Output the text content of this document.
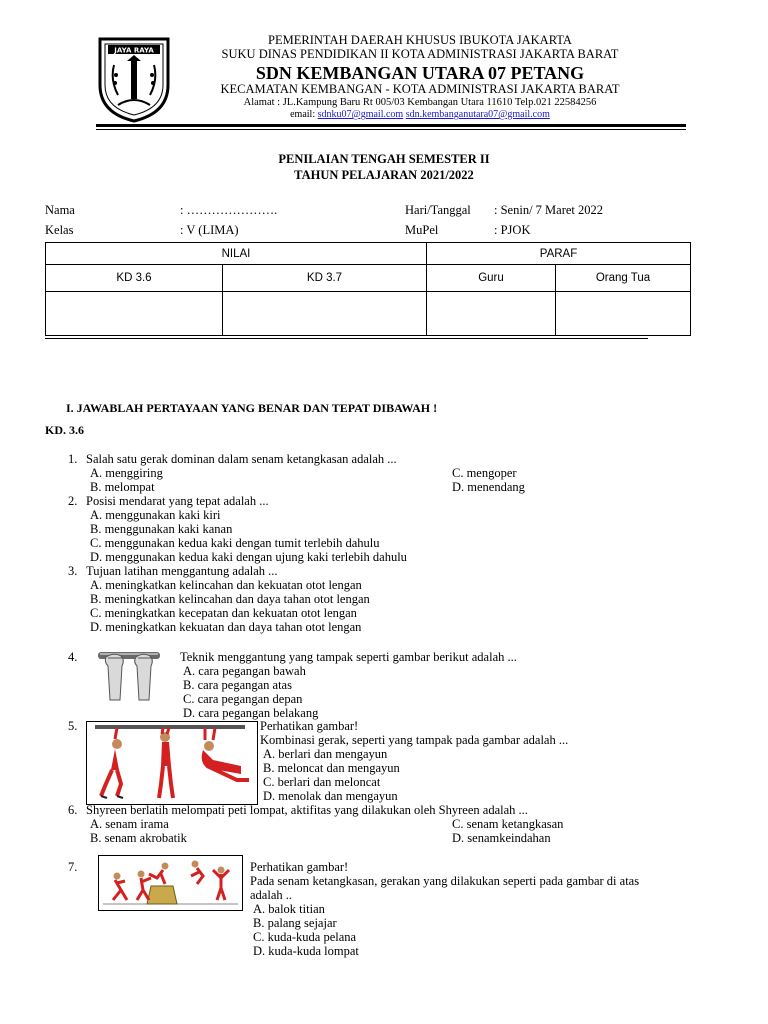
JAYA RAYA
PEMERINTAH DAERAH KHUSUS IBUKOTA JAKARTA
SUKU DINAS PENDIDIKAN II KOTA ADMINISTRASI JAKARTA BARAT
SDN KEMBANGAN UTARA 07 PETANG
KECAMATAN KEMBANGAN - KOTA ADMINISTRASI JAKARTA BARAT
Alamat : JL.Kampung Baru Rt 005/03 Kembangan Utara 11610 Telp.021 22584256
email: sdnku07@gmail.com sdn.kembanganutara07@gmail.com
PENILAIAN TENGAH SEMESTER II
TAHUN PELAJARAN 2021/2022
Nama	: ………………….	Hari/Tanggal : Senin/ 7 Maret 2022
Kelas	: V (LIMA)	MuPel	: PJOK
NILAI		PARAF	
KD 3.6	KD 3.7	Guru	Orang Tua

I. JAWABLAH PERTAYAAN YANG BENAR DAN TEPAT DIBAWAH !
KD. 3.6
1. Salah satu gerak dominan dalam senam ketangkasan adalah ...
A. menggiring
B. melompat
C. mengoper
D. menendang
2. Posisi mendarat yang tepat adalah ...
A. menggunakan kaki kiri
B. menggunakan kaki kanan
C. menggunakan kedua kaki dengan tumit terlebih dahulu
D. menggunakan kedua kaki dengan ujung kaki terlebih dahulu
3. Tujuan latihan menggantung adalah ...
A. meningkatkan kelincahan dan kekuatan otot lengan
B. meningkatkan kelincahan dan daya tahan otot lengan
C. meningkatkan kecepatan dan kekuatan otot lengan
D. meningkatkan kekuatan dan daya tahan otot lengan
4.	Teknik menggantung yang tampak seperti gambar berikut adalah ...
A. cara pegangan bawah
B. cara pegangan atas
C. cara pegangan depan
D. cara pegangan belakang
5.	Perhatikan gambar!
Kombinasi gerak, seperti yang tampak pada gambar adalah ...
A. berlari dan mengayun
B. meloncat dan mengayun
C. berlari dan meloncat
D. menolak dan mengayun
6. Shyreen berlatih melompati peti lompat, aktifitas yang dilakukan oleh Shyreen adalah ...
A. senam irama
B. senam akrobatik
C. senam ketangkasan
D. senamkeindahan
7.	Perhatikan gambar!
Pada senam ketangkasan, gerakan yang dilakukan seperti pada gambar di atas
adalah ..
A. balok titian
B. palang sejajar
C. kuda-kuda pelana
D. kuda-kuda lompat
